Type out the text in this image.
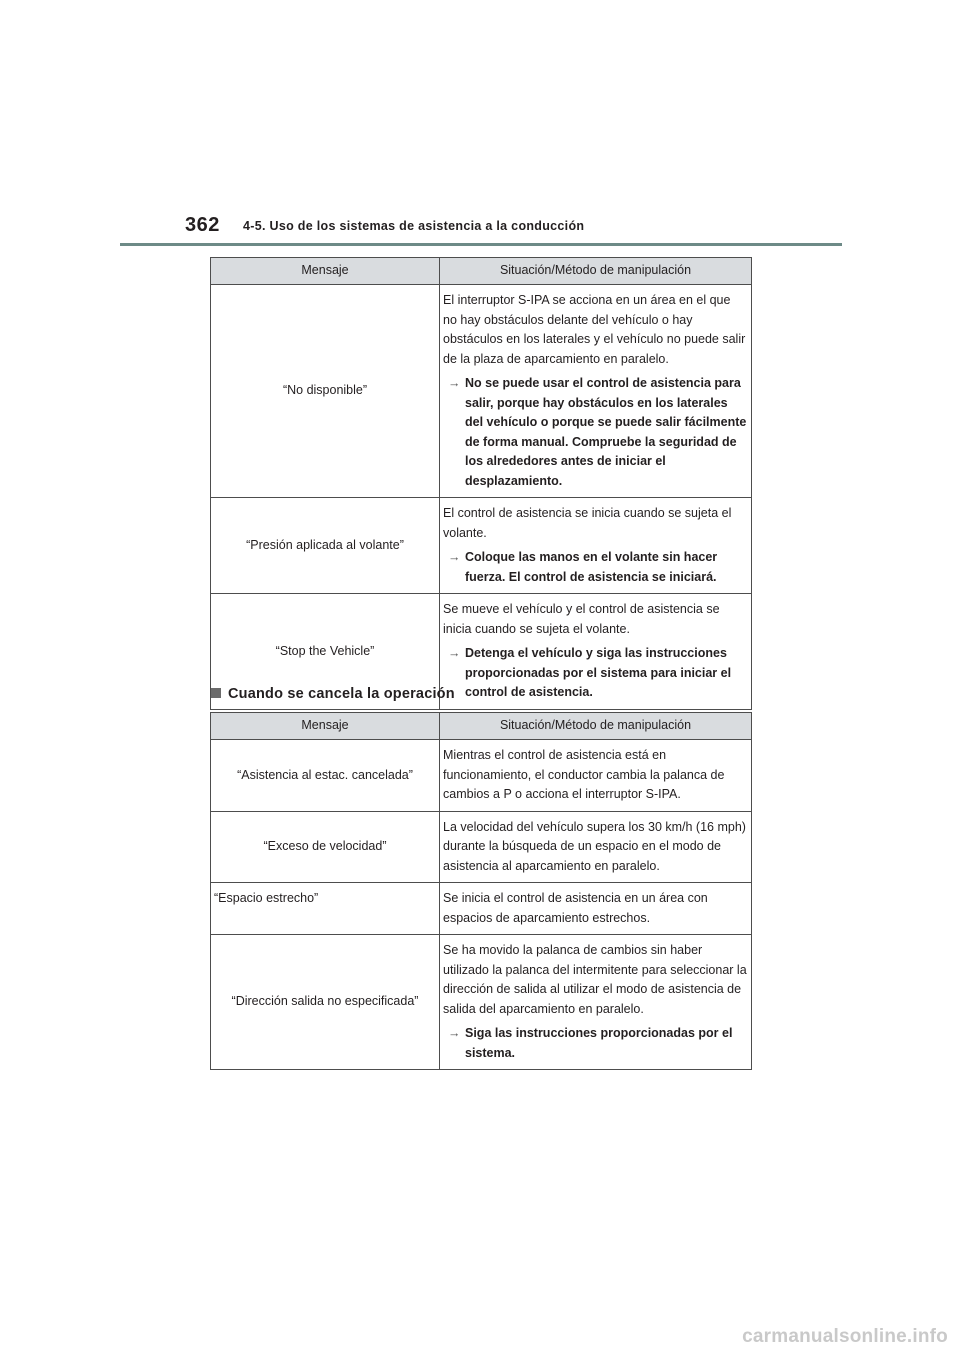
362 4-5. Uso de los sistemas de asistencia a la conducción
Mensaje	Situación/Método de manipulación
“No disponible”	El interruptor S-IPA se acciona en un área en el que no hay obstáculos delante del vehículo o hay obstáculos en los laterales y el vehículo no puede salir de la plaza de aparcamiento en paralelo.
→ No se puede usar el control de asistencia para salir, porque hay obstáculos en los laterales del vehículo o porque se puede salir fácilmente de forma manual. Compruebe la seguridad de los alrededores antes de iniciar el desplazamiento.

“Presión aplicada al volante”	El control de asistencia se inicia cuando se sujeta el volante.
→ Coloque las manos en el volante sin hacer fuerza. El control de asistencia se iniciará.

“Stop the Vehicle”	Se mueve el vehículo y el control de asistencia se inicia cuando se sujeta el volante.
→ Detenga el vehículo y siga las instrucciones proporcionadas por el sistema para iniciar el control de asistencia.
Cuando se cancela la operación
Mensaje	Situación/Método de manipulación
“Asistencia al estac. cancelada”	Mientras el control de asistencia está en funcionamiento, el conductor cambia la palanca de cambios a P o acciona el interruptor S-IPA.
“Exceso de velocidad”	La velocidad del vehículo supera los 30 km/h (16 mph) durante la búsqueda de un espacio en el modo de asistencia al aparcamiento en paralelo.
“Espacio estrecho”	Se inicia el control de asistencia en un área con espacios de aparcamiento estrechos.
“Dirección salida no especificada”	Se ha movido la palanca de cambios sin haber utilizado la palanca del intermitente para seleccionar la dirección de salida al utilizar el modo de asistencia de salida del aparcamiento en paralelo.
→ Siga las instrucciones proporcionadas por el sistema.
carmanualsonline.info
